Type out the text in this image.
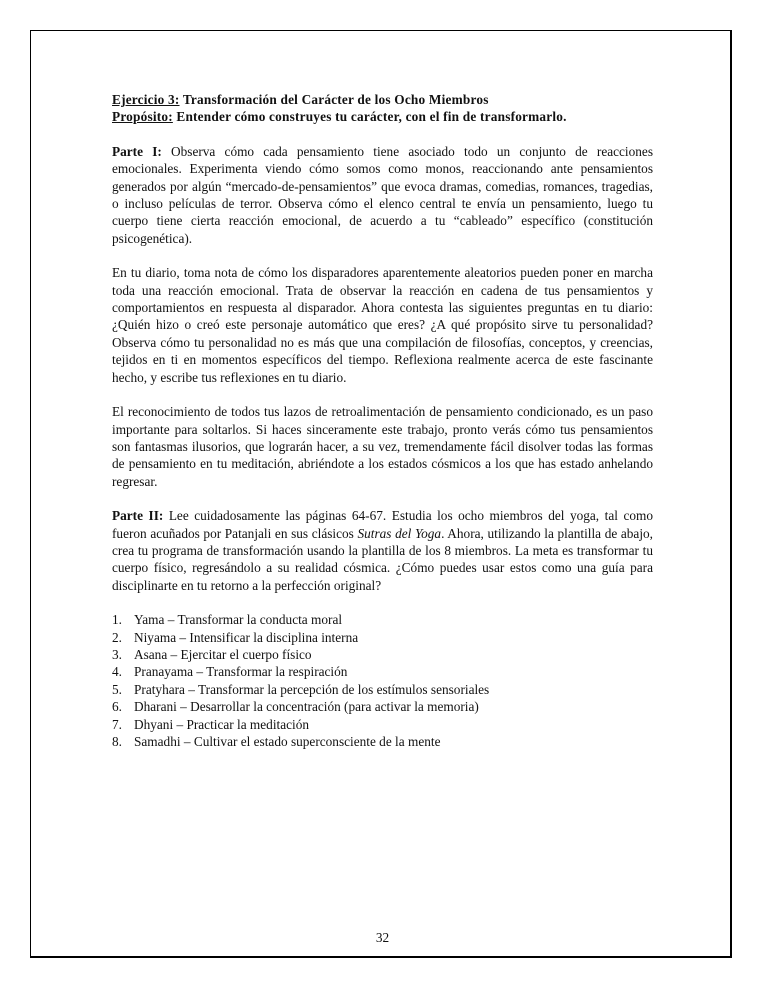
Ejercicio 3: Transformación del Carácter de los Ocho Miembros

Propósito: Entender cómo construyes tu carácter, con el fin de transformarlo.

Parte I: Observa cómo cada pensamiento tiene asociado todo un conjunto de reacciones emocionales. Experimenta viendo cómo somos como monos, reaccionando ante pensamientos generados por algún “mercado-de-pensamientos” que evoca dramas, comedias, romances, tragedias, o incluso películas de terror. Observa cómo el elenco central te envía un pensamiento, luego tu cuerpo tiene cierta reacción emocional, de acuerdo a tu “cableado” específico (constitución psicogenética).

En tu diario, toma nota de cómo los disparadores aparentemente aleatorios pueden poner en marcha toda una reacción emocional. Trata de observar la reacción en cadena de tus pensamientos y comportamientos en respuesta al disparador. Ahora contesta las siguientes preguntas en tu diario: ¿Quién hizo o creó este personaje automático que eres? ¿A qué propósito sirve tu personalidad? Observa cómo tu personalidad no es más que una compilación de filosofías, conceptos, y creencias, tejidos en ti en momentos específicos del tiempo. Reflexiona realmente acerca de este fascinante hecho, y escribe tus reflexiones en tu diario.

El reconocimiento de todos tus lazos de retroalimentación de pensamiento condicionado, es un paso importante para soltarlos. Si haces sinceramente este trabajo, pronto verás cómo tus pensamientos son fantasmas ilusorios, que lograrán hacer, a su vez, tremendamente fácil disolver todas las formas de pensamiento en tu meditación, abriéndote a los estados cósmicos a los que has estado anhelando regresar.

Parte II: Lee cuidadosamente las páginas 64-67. Estudia los ocho miembros del yoga, tal como fueron acuñados por Patanjali en sus clásicos Sutras del Yoga. Ahora, utilizando la plantilla de abajo, crea tu programa de transformación usando la plantilla de los 8 miembros. La meta es transformar tu cuerpo físico, regresándolo a su realidad cósmica. ¿Cómo puedes usar estos como una guía para disciplinarte en tu retorno a la perfección original?

1. Yama – Transformar la conducta moral
2. Niyama – Intensificar la disciplina interna
3. Asana – Ejercitar el cuerpo físico
4. Pranayama – Transformar la respiración
5. Pratyhara – Transformar la percepción de los estímulos sensoriales
6. Dharani – Desarrollar la concentración (para activar la memoria)
7. Dhyani – Practicar la meditación
8. Samadhi – Cultivar el estado superconsciente de la mente
32
